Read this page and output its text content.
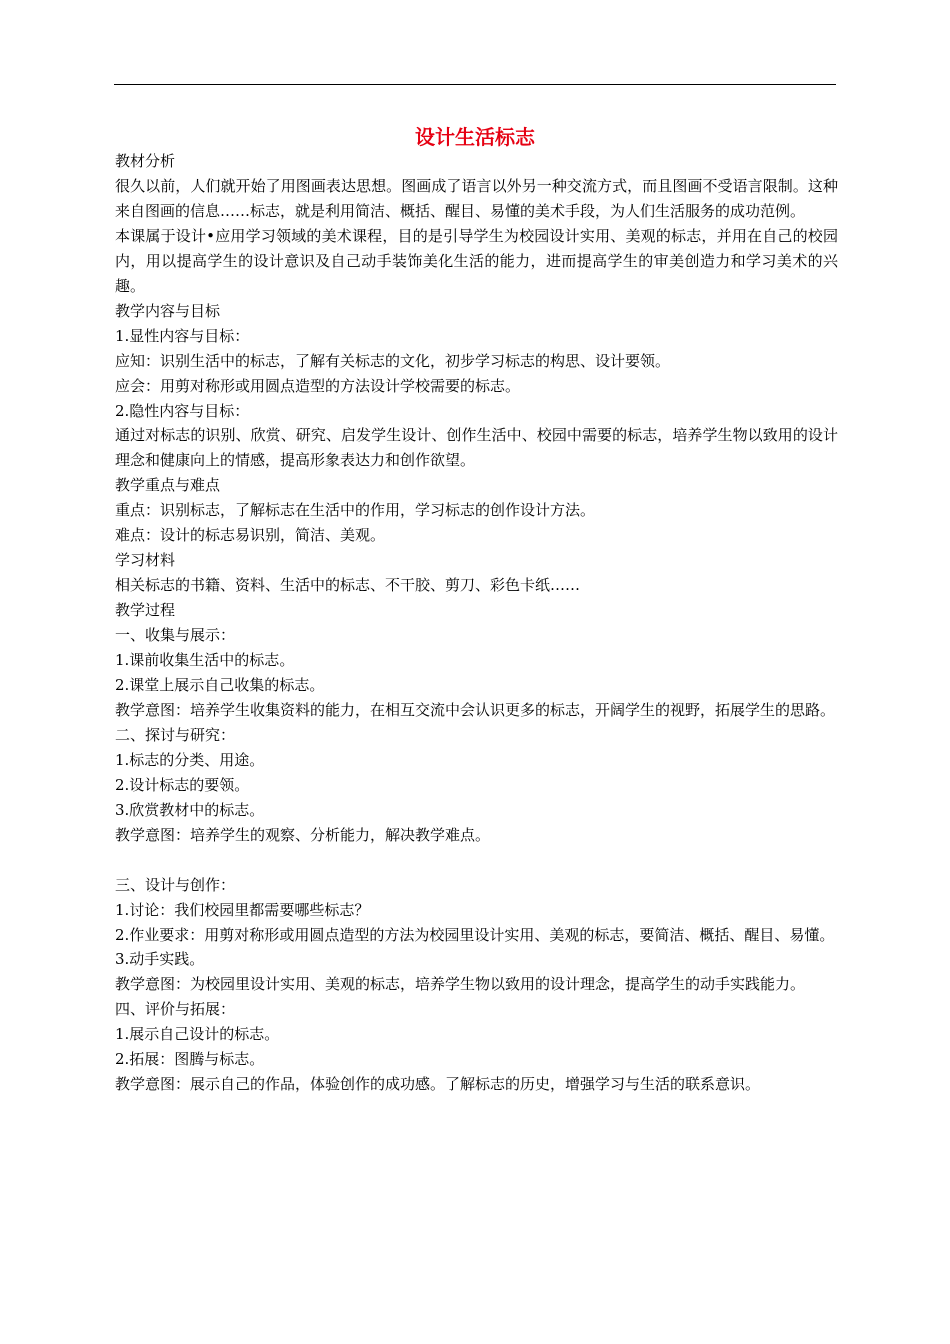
设计生活标志

教材分析

很久以前，人们就开始了用图画表达思想。图画成了语言以外另一种交流方式，而且图画不受语言限制。这种来自图画的信息……标志，就是利用简洁、概括、醒目、易懂的美术手段，为人们生活服务的成功范例。

本课属于设计•应用学习领域的美术课程，目的是引导学生为校园设计实用、美观的标志，并用在自己的校园内，用以提高学生的设计意识及自己动手装饰美化生活的能力，进而提高学生的审美创造力和学习美术的兴趣。

教学内容与目标

1.显性内容与目标：

应知：识别生活中的标志，了解有关标志的文化，初步学习标志的构思、设计要领。

应会：用剪对称形或用圆点造型的方法设计学校需要的标志。

2.隐性内容与目标：

通过对标志的识别、欣赏、研究、启发学生设计、创作生活中、校园中需要的标志，培养学生物以致用的设计理念和健康向上的情感，提高形象表达力和创作欲望。

教学重点与难点

重点：识别标志，了解标志在生活中的作用，学习标志的创作设计方法。

难点：设计的标志易识别，简洁、美观。

学习材料

相关标志的书籍、资料、生活中的标志、不干胶、剪刀、彩色卡纸……

教学过程

一、收集与展示：

1.课前收集生活中的标志。

2.课堂上展示自己收集的标志。

教学意图：培养学生收集资料的能力，在相互交流中会认识更多的标志，开阔学生的视野，拓展学生的思路。

二、探讨与研究：

1.标志的分类、用途。

2.设计标志的要领。

3.欣赏教材中的标志。

教学意图：培养学生的观察、分析能力，解决教学难点。

三、设计与创作：

1.讨论：我们校园里都需要哪些标志？

2.作业要求：用剪对称形或用圆点造型的方法为校园里设计实用、美观的标志，要简洁、概括、醒目、易懂。

3.动手实践。

教学意图：为校园里设计实用、美观的标志，培养学生物以致用的设计理念，提高学生的动手实践能力。

四、评价与拓展：

1.展示自己设计的标志。

2.拓展：图腾与标志。

教学意图：展示自己的作品，体验创作的成功感。了解标志的历史，增强学习与生活的联系意识。
